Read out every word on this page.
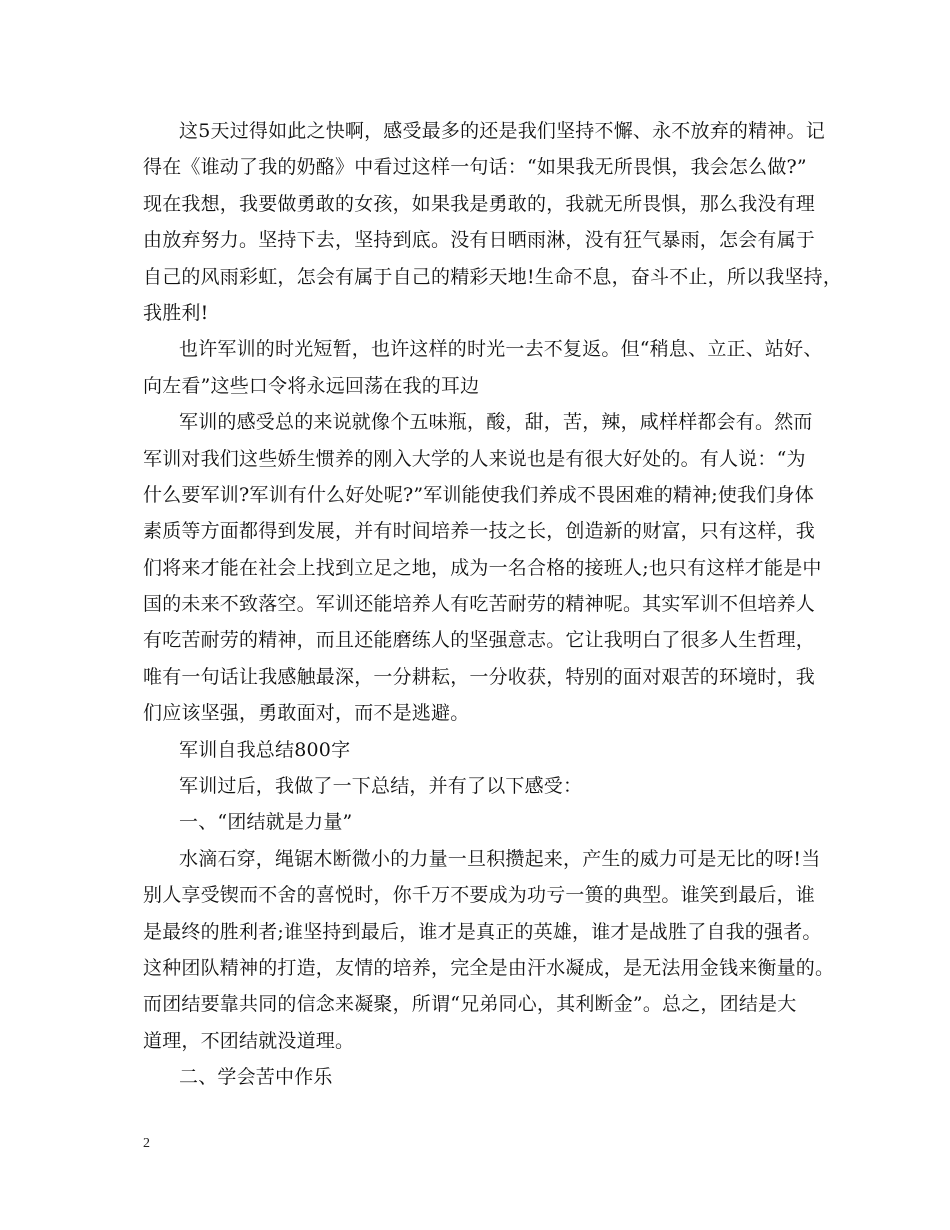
这5天过得如此之快啊，感受最多的还是我们坚持不懈、永不放弃的精神。记
得在《谁动了我的奶酪》中看过这样一句话：“如果我无所畏惧，我会怎么做?”
现在我想，我要做勇敢的女孩，如果我是勇敢的，我就无所畏惧，那么我没有理
由放弃努力。坚持下去，坚持到底。没有日晒雨淋，没有狂气暴雨，怎会有属于
自己的风雨彩虹，怎会有属于自己的精彩天地!生命不息，奋斗不止，所以我坚持，
我胜利!
也许军训的时光短暂，也许这样的时光一去不复返。但“稍息、立正、站好、
向左看”这些口令将永远回荡在我的耳边
军训的感受总的来说就像个五味瓶，酸，甜，苦，辣，咸样样都会有。然而
军训对我们这些娇生惯养的刚入大学的人来说也是有很大好处的。有人说：“为
什么要军训?军训有什么好处呢?”军训能使我们养成不畏困难的精神;使我们身体
素质等方面都得到发展，并有时间培养一技之长，创造新的财富，只有这样，我
们将来才能在社会上找到立足之地，成为一名合格的接班人;也只有这样才能是中
国的未来不致落空。军训还能培养人有吃苦耐劳的精神呢。其实军训不但培养人
有吃苦耐劳的精神，而且还能磨练人的坚强意志。它让我明白了很多人生哲理，
唯有一句话让我感触最深，一分耕耘，一分收获，特别的面对艰苦的环境时，我
们应该坚强，勇敢面对，而不是逃避。
军训自我总结800字
军训过后，我做了一下总结，并有了以下感受：
一、“团结就是力量”
水滴石穿，绳锯木断微小的力量一旦积攒起来，产生的威力可是无比的呀!当
别人享受锲而不舍的喜悦时，你千万不要成为功亏一篑的典型。谁笑到最后，谁
是最终的胜利者;谁坚持到最后，谁才是真正的英雄，谁才是战胜了自我的强者。
这种团队精神的打造，友情的培养，完全是由汗水凝成，是无法用金钱来衡量的。
而团结要靠共同的信念来凝聚，所谓“兄弟同心，其利断金”。总之，团结是大
道理，不团结就没道理。
二、学会苦中作乐
2
